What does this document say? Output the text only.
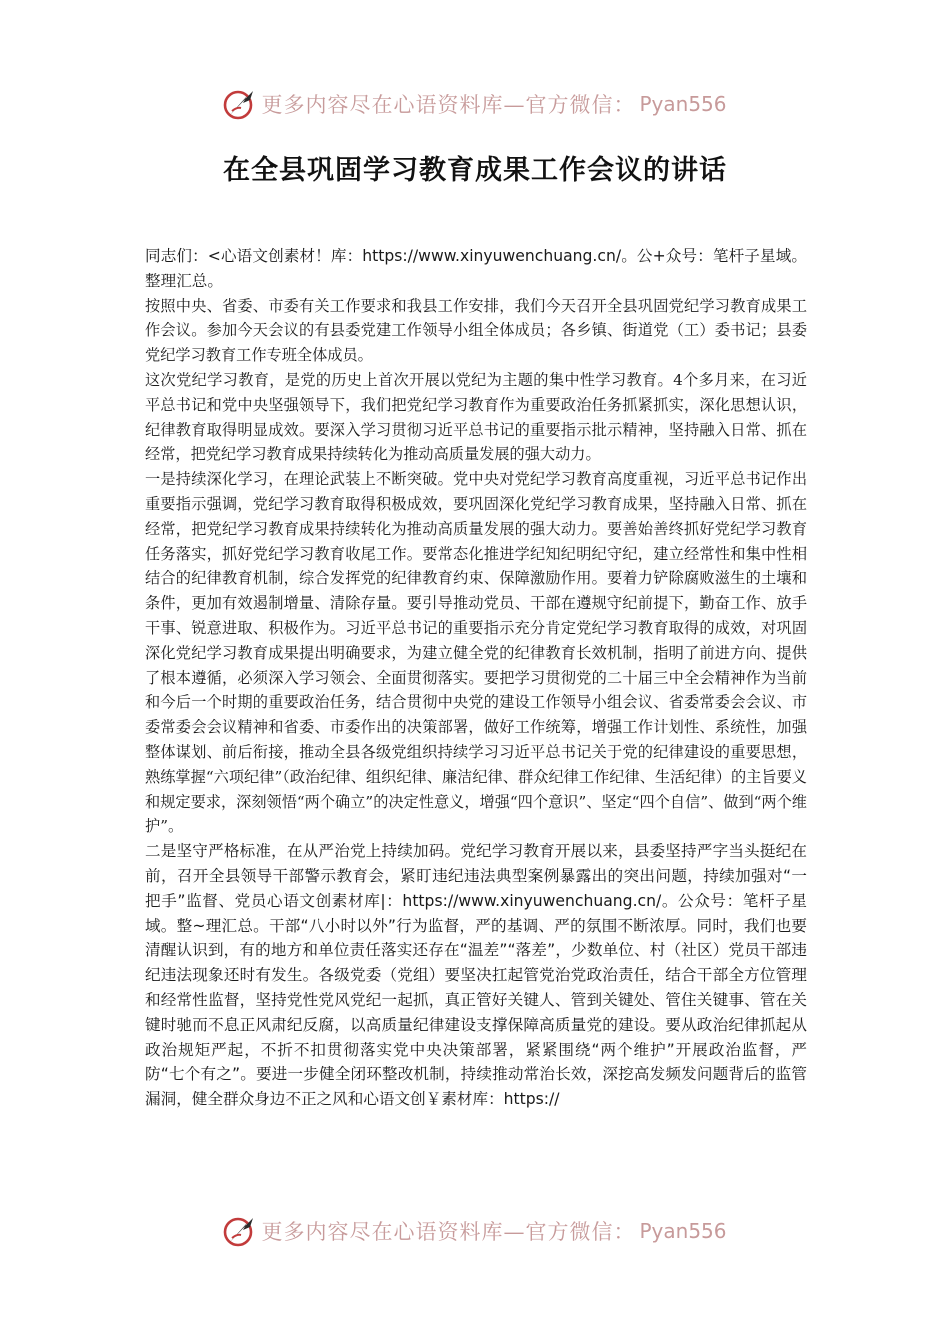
更多内容尽在心语资料库—官方微信： Pyan556
在全县巩固学习教育成果工作会议的讲话

同志们：<心语文创素材！库：https://www.xinyuwenchuang.cn/。公+众号：笔杆子星域。整理汇总。

按照中央、省委、市委有关工作要求和我县工作安排，我们今天召开全县巩固党纪学习教育成果工作会议。参加今天会议的有县委党建工作领导小组全体成员；各乡镇、街道党（工）委书记；县委党纪学习教育工作专班全体成员。

这次党纪学习教育，是党的历史上首次开展以党纪为主题的集中性学习教育。4个多月来，在习近平总书记和党中央坚强领导下，我们把党纪学习教育作为重要政治任务抓紧抓实，深化思想认识，纪律教育取得明显成效。要深入学习贯彻习近平总书记的重要指示批示精神，坚持融入日常、抓在经常，把党纪学习教育成果持续转化为推动高质量发展的强大动力。

一是持续深化学习，在理论武装上不断突破。党中央对党纪学习教育高度重视，习近平总书记作出重要指示强调，党纪学习教育取得积极成效，要巩固深化党纪学习教育成果，坚持融入日常、抓在经常，把党纪学习教育成果持续转化为推动高质量发展的强大动力。要善始善终抓好党纪学习教育任务落实，抓好党纪学习教育收尾工作。要常态化推进学纪知纪明纪守纪，建立经常性和集中性相结合的纪律教育机制，综合发挥党的纪律教育约束、保障激励作用。要着力铲除腐败滋生的土壤和条件，更加有效遏制增量、清除存量。要引导推动党员、干部在遵规守纪前提下，勤奋工作、放手干事、锐意进取、积极作为。习近平总书记的重要指示充分肯定党纪学习教育取得的成效，对巩固深化党纪学习教育成果提出明确要求，为建立健全党的纪律教育长效机制，指明了前进方向、提供了根本遵循，必须深入学习领会、全面贯彻落实。要把学习贯彻党的二十届三中全会精神作为当前和今后一个时期的重要政治任务，结合贯彻中央党的建设工作领导小组会议、省委常委会会议、市委常委会会议精神和省委、市委作出的决策部署，做好工作统筹，增强工作计划性、系统性，加强整体谋划、前后衔接，推动全县各级党组织持续学习习近平总书记关于党的纪律建设的重要思想，熟练掌握“六项纪律”（政治纪律、组织纪律、廉洁纪律、群众纪律工作纪律、生活纪律）的主旨要义和规定要求，深刻领悟“两个确立”的决定性意义，增强“四个意识”、坚定“四个自信”、做到“两个维护”。

二是坚守严格标准，在从严治党上持续加码。党纪学习教育开展以来，县委坚持严字当头挺纪在前，召开全县领导干部警示教育会，紧盯违纪违法典型案例暴露出的突出问题，持续加强对“一把手”监督、党员心语文创素材库|：https://www.xinyuwenchuang.cn/。公众号：笔杆子星域。整~理汇总。干部“八小时以外”行为监督，严的基调、严的氛围不断浓厚。同时，我们也要清醒认识到，有的地方和单位责任落实还存在“温差”“落差”，少数单位、村（社区）党员干部违纪违法现象还时有发生。各级党委（党组）要坚决扛起管党治党政治责任，结合干部全方位管理和经常性监督，坚持党性党风党纪一起抓，真正管好关键人、管到关键处、管住关键事、管在关键时驰而不息正风肃纪反腐，以高质量纪律建设支撑保障高质量党的建设。要从政治纪律抓起从政治规矩严起，不折不扣贯彻落实党中央决策部署，紧紧围绕“两个维护”开展政治监督，严防“七个有之”。要进一步健全闭环整改机制，持续推动常治长效，深挖高发频发问题背后的监管漏洞，健全群众身边不正之风和心语文创￥素材库：https://

更多内容尽在心语资料库—官方微信： Pyan556
